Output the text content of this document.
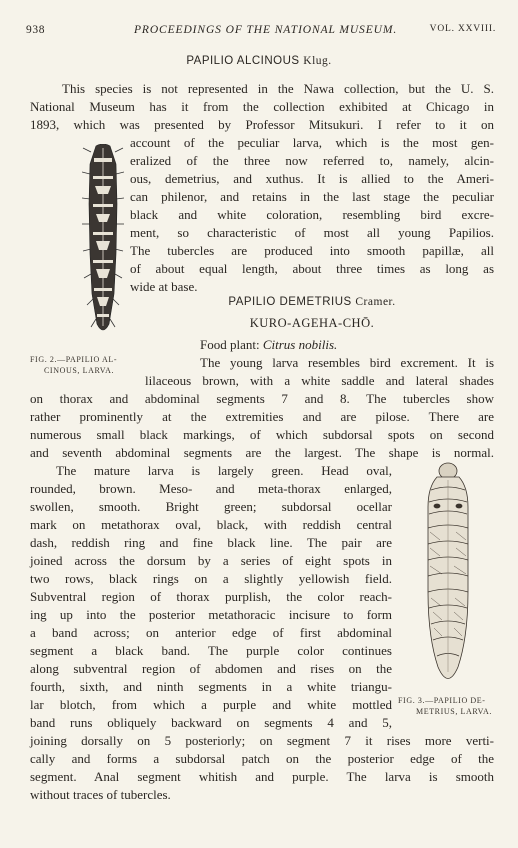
938	PROCEEDINGS OF THE NATIONAL MUSEUM.	VOL. XXVIII.
PAPILIO ALCINOUS Klug.
This species is not represented in the Nawa collection, but the U. S.
National Museum has it from the collection exhibited at Chicago in
1893, which was presented by Professor Mitsukuri. I refer to it on
account of the peculiar larva, which is the most gen-
eralized of the three now referred to, namely, alcin-
ous, demetrius, and xuthus. It is allied to the Ameri-
can philenor, and retains in the last stage the peculiar
black and white coloration, resembling bird excre-
ment, so characteristic of most all young Papilios.
The tubercles are produced into smooth papillæ, all
of about equal length, about three times as long as
wide at base.
PAPILIO DEMETRIUS Cramer.
KURO-AGEHA-CHŌ.
Food plant: Citrus nobilis.
The young larva resembles bird excrement. It is
lilaceous brown, with a white saddle and lateral shades
on thorax and abdominal segments 7 and 8. The tubercles show
rather prominently at the extremities and are pilose. There are
numerous small black markings, of which subdorsal spots on second
and seventh abdominal segments are the largest. The shape is normal.
The mature larva is largely green. Head oval,
rounded, brown. Meso- and meta-thorax enlarged,
swollen, smooth. Bright green; subdorsal ocellar
mark on metathorax oval, black, with reddish central
dash, reddish ring and fine black line. The pair are
joined across the dorsum by a series of eight spots in
two rows, black rings on a slightly yellowish field.
Subventral region of thorax purplish, the color reach-
ing up into the posterior metathoracic incisure to form
a band across; on anterior edge of first abdominal
segment a black band. The purple color continues
along subventral region of abdomen and rises on the
fourth, sixth, and ninth segments in a white triangu-
lar blotch, from which a purple and white mottled
band runs obliquely backward on segments 4 and 5,
joining dorsally on 5 posteriorly; on segment 7 it rises more verti-
cally and forms a subdorsal patch on the posterior edge of the
segment. Anal segment whitish and purple. The larva is smooth
without traces of tubercles.
FIG. 2.—PAPILIO AL-
CINOUS, LARVA.
FIG. 3.—PAPILIO DE-
METRIUS, LARVA.
